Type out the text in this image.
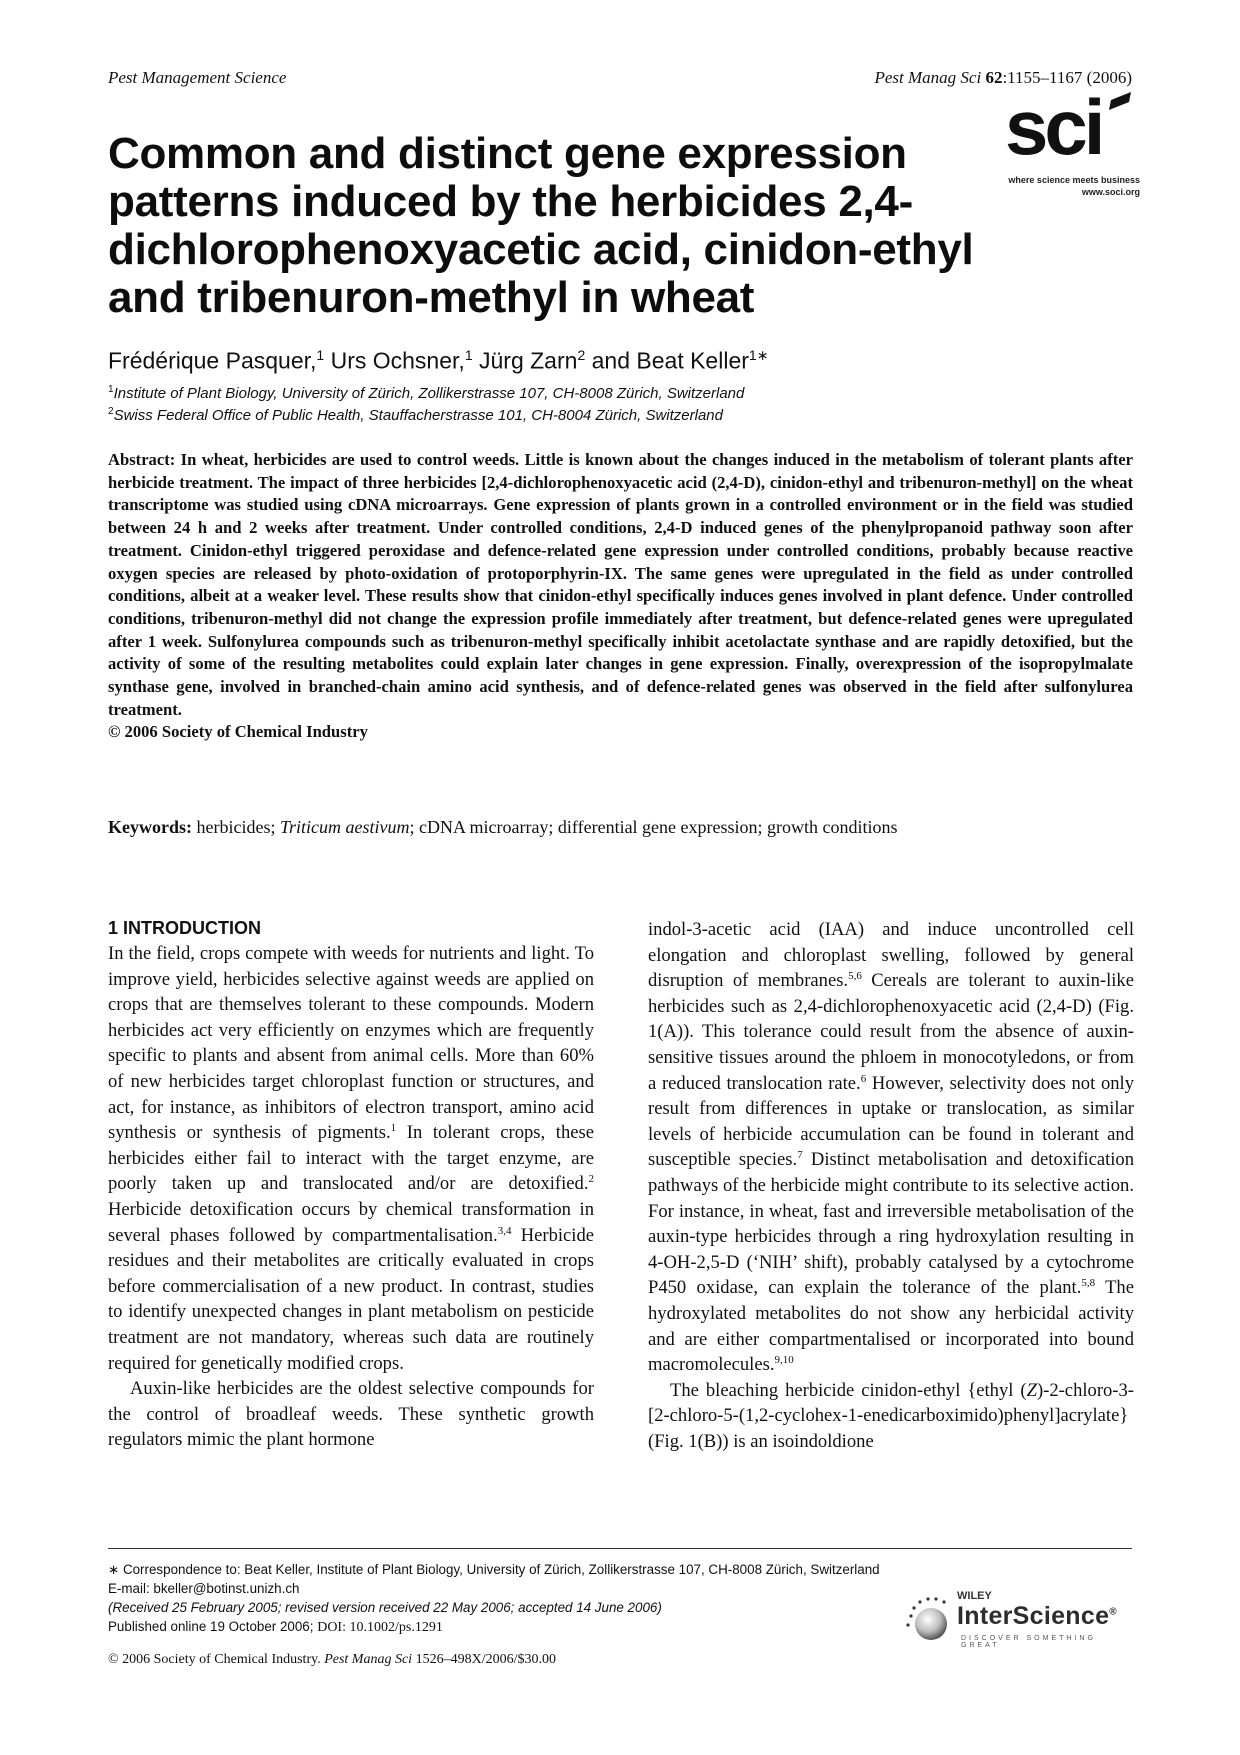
Pest Management Science	Pest Manag Sci 62:1155–1167 (2006)
sci
where science meets business
www.soci.org
Common and distinct gene expression patterns induced by the herbicides 2,4-dichlorophenoxyacetic acid, cinidon-ethyl and tribenuron-methyl in wheat
Frédérique Pasquer,$^1$ Urs Ochsner,$^1$ Jürg Zarn$^2$ and Beat Keller$^{1∗}$
$^1$Institute of Plant Biology, University of Zürich, Zollikerstrasse 107, CH-8008 Zürich, Switzerland
$^2$Swiss Federal Office of Public Health, Stauffacherstrasse 101, CH-8004 Zürich, Switzerland
Abstract: In wheat, herbicides are used to control weeds. Little is known about the changes induced in the metabolism of tolerant plants after herbicide treatment. The impact of three herbicides [2,4-dichlorophenoxyacetic acid (2,4-D), cinidon-ethyl and tribenuron-methyl] on the wheat transcriptome was studied using cDNA microarrays. Gene expression of plants grown in a controlled environment or in the field was studied between 24 h and 2 weeks after treatment. Under controlled conditions, 2,4-D induced genes of the phenylpropanoid pathway soon after treatment. Cinidon-ethyl triggered peroxidase and defence-related gene expression under controlled conditions, probably because reactive oxygen species are released by photo-oxidation of protoporphyrin-IX. The same genes were upregulated in the field as under controlled conditions, albeit at a weaker level. These results show that cinidon-ethyl specifically induces genes involved in plant defence. Under controlled conditions, tribenuron-methyl did not change the expression profile immediately after treatment, but defence-related genes were upregulated after 1 week. Sulfonylurea compounds such as tribenuron-methyl specifically inhibit acetolactate synthase and are rapidly detoxified, but the activity of some of the resulting metabolites could explain later changes in gene expression. Finally, overexpression of the isopropylmalate synthase gene, involved in branched-chain amino acid synthesis, and of defence-related genes was observed in the field after sulfonylurea treatment.
© 2006 Society of Chemical Industry
Keywords: herbicides; Triticum aestivum; cDNA microarray; differential gene expression; growth conditions
1 INTRODUCTION

In the field, crops compete with weeds for nutrients and light. To improve yield, herbicides selective against weeds are applied on crops that are themselves tolerant to these compounds. Modern herbicides act very efficiently on enzymes which are frequently specific to plants and absent from animal cells. More than 60% of new herbicides target chloroplast function or structures, and act, for instance, as inhibitors of electron transport, amino acid synthesis or synthesis of pigments.$^1$ In tolerant crops, these herbicides either fail to interact with the target enzyme, are poorly taken up and translocated and/or are detoxified.$^2$ Herbicide detoxification occurs by chemical transformation in several phases followed by compartmentalisation.$^{3,4}$ Herbicide residues and their metabolites are critically evaluated in crops before commercialisation of a new product. In contrast, studies to identify unexpected changes in plant metabolism on pesticide treatment are not mandatory, whereas such data are routinely required for genetically modified crops.

Auxin-like herbicides are the oldest selective compounds for the control of broadleaf weeds. These synthetic growth regulators mimic the plant hormone

indol-3-acetic acid (IAA) and induce uncontrolled cell elongation and chloroplast swelling, followed by general disruption of membranes.$^{5,6}$ Cereals are tolerant to auxin-like herbicides such as 2,4-dichlorophenoxyacetic acid (2,4-D) (Fig. 1(A)). This tolerance could result from the absence of auxin-sensitive tissues around the phloem in monocotyledons, or from a reduced translocation rate.$^6$ However, selectivity does not only result from differences in uptake or translocation, as similar levels of herbicide accumulation can be found in tolerant and susceptible species.$^7$ Distinct metabolisation and detoxification pathways of the herbicide might contribute to its selective action. For instance, in wheat, fast and irreversible metabolisation of the auxin-type herbicides through a ring hydroxylation resulting in 4-OH-2,5-D (‘NIH’ shift), probably catalysed by a cytochrome P450 oxidase, can explain the tolerance of the plant.$^{5,8}$ The hydroxylated metabolites do not show any herbicidal activity and are either compartmentalised or incorporated into bound macromolecules.$^{9,10}$

The bleaching herbicide cinidon-ethyl {ethyl (Z)-2-chloro-3-[2-chloro-5-(1,2-cyclohex-1-enedicarboximido)phenyl]acrylate} (Fig. 1(B)) is an isoindoldione

∗ Correspondence to: Beat Keller, Institute of Plant Biology, University of Zürich, Zollikerstrasse 107, CH-8008 Zürich, Switzerland
E-mail: bkeller@botinst.unizh.ch
(Received 25 February 2005; revised version received 22 May 2006; accepted 14 June 2006)
Published online 19 October 2006; DOI: 10.1002/ps.1291
© 2006 Society of Chemical Industry. Pest Manag Sci 1526–498X/2006/$30.00
WILEY
InterScience®
DISCOVER SOMETHING GREAT
